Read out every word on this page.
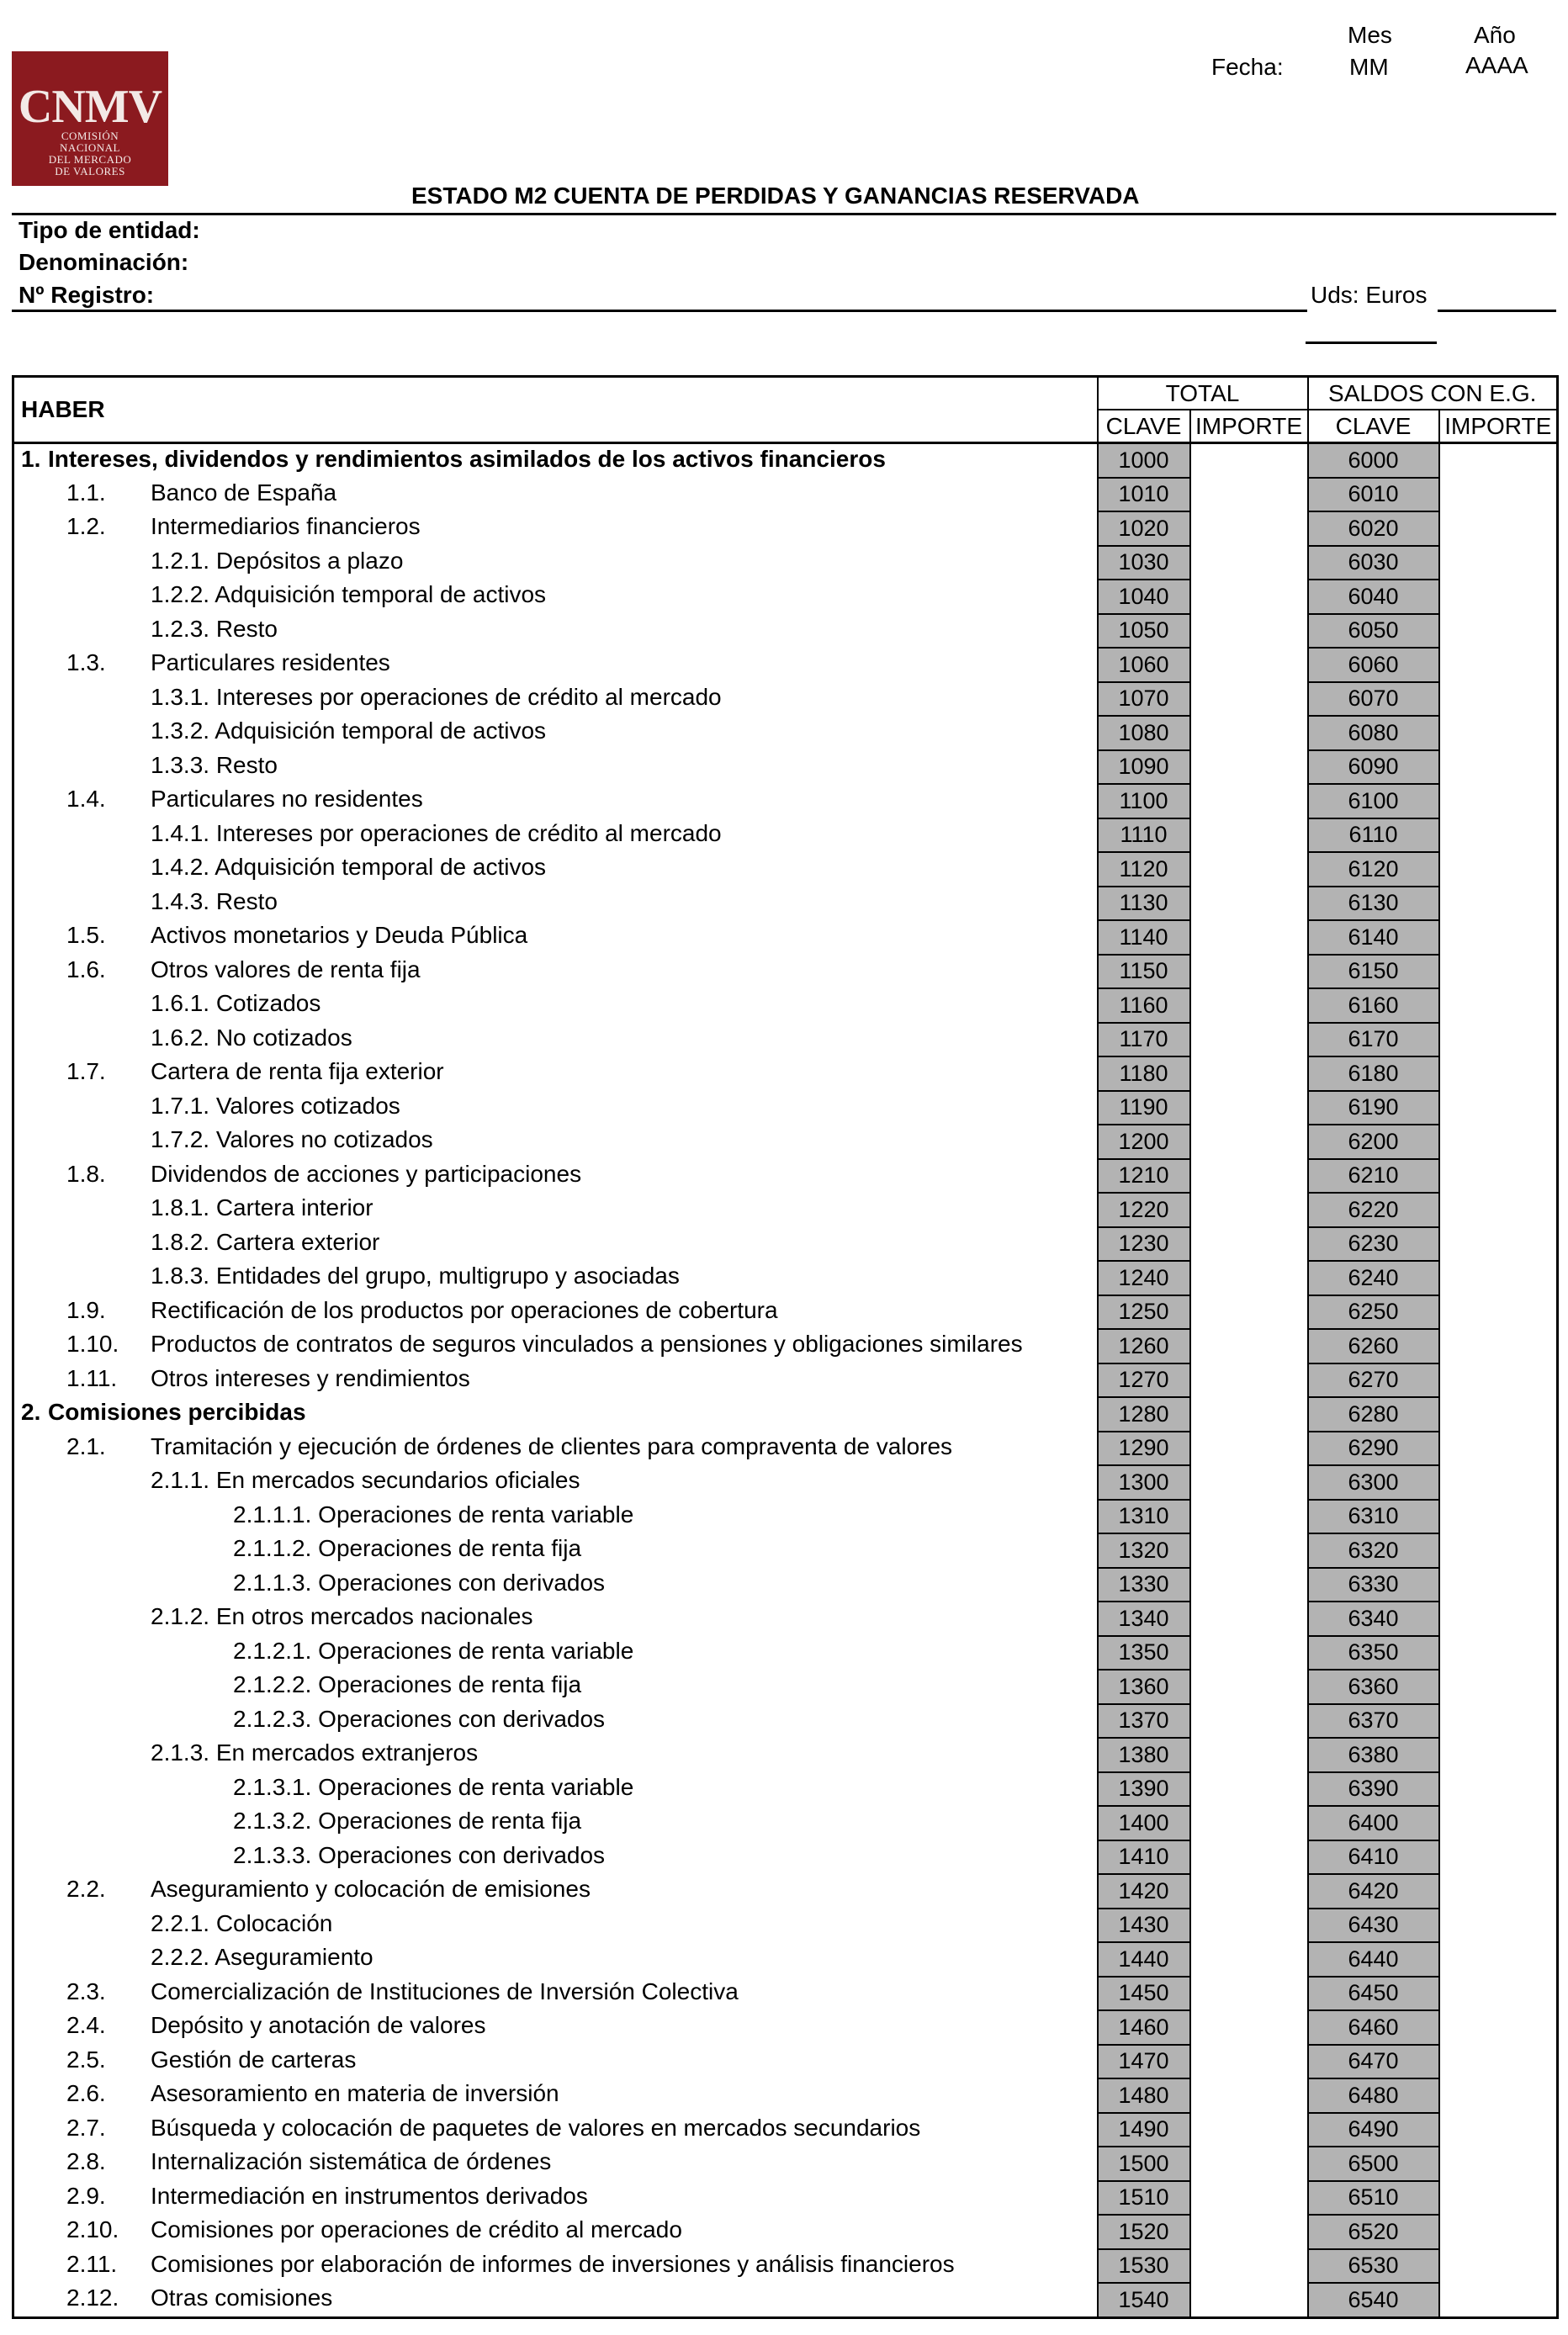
Mes	Año
Fecha:	MM	AAAA
CNMV
COMISIÓN
NACIONAL
DEL MERCADO
DE VALORES
ESTADO M2 CUENTA DE PERDIDAS Y GANANCIAS RESERVADA
Tipo de entidad:
Denominación:
Nº Registro:	Uds: Euros
HABER	TOTAL		SALDOS CON E.G.	
	CLAVE	IMPORTE	CLAVE	IMPORTE

1. Intereses, dividendos y rendimientos asimilados de los activos financieros	1000		6000	

1.1. Banco de España	1010		6010	

1.2. Intermediarios financieros	1020		6020	

1.2.1. Depósitos a plazo	1030		6030	

1.2.2. Adquisición temporal de activos	1040		6040	

1.2.3. Resto	1050		6050	

1.3. Particulares residentes	1060		6060	

1.3.1. Intereses por operaciones de crédito al mercado	1070		6070	

1.3.2. Adquisición temporal de activos	1080		6080	

1.3.3. Resto	1090		6090	

1.4. Particulares no residentes	1100		6100	

1.4.1. Intereses por operaciones de crédito al mercado	1110		6110	

1.4.2. Adquisición temporal de activos	1120		6120	

1.4.3. Resto	1130		6130	

1.5. Activos monetarios y Deuda Pública	1140		6140	

1.6. Otros valores de renta fija	1150		6150	

1.6.1. Cotizados	1160		6160	

1.6.2. No cotizados	1170		6170	

1.7. Cartera de renta fija exterior	1180		6180	

1.7.1. Valores cotizados	1190		6190	

1.7.2. Valores no cotizados	1200		6200	

1.8. Dividendos de acciones y participaciones	1210		6210	

1.8.1. Cartera interior	1220		6220	

1.8.2. Cartera exterior	1230		6230	

1.8.3. Entidades del grupo, multigrupo y asociadas	1240		6240	

1.9. Rectificación de los productos por operaciones de cobertura	1250		6250	

1.10. Productos de contratos de seguros vinculados a pensiones y obligaciones similares	1260		6260	

1.11. Otros intereses y rendimientos	1270		6270	

2. Comisiones percibidas	1280		6280	

2.1. Tramitación y ejecución de órdenes de clientes para compraventa de valores	1290		6290	

2.1.1. En mercados secundarios oficiales	1300		6300	

2.1.1.1. Operaciones de renta variable	1310		6310	

2.1.1.2. Operaciones de renta fija	1320		6320	

2.1.1.3. Operaciones con derivados	1330		6330	

2.1.2. En otros mercados nacionales	1340		6340	

2.1.2.1. Operaciones de renta variable	1350		6350	

2.1.2.2. Operaciones de renta fija	1360		6360	

2.1.2.3. Operaciones con derivados	1370		6370	

2.1.3. En mercados extranjeros	1380		6380	

2.1.3.1. Operaciones de renta variable	1390		6390	

2.1.3.2. Operaciones de renta fija	1400		6400	

2.1.3.3. Operaciones con derivados	1410		6410	

2.2. Aseguramiento y colocación de emisiones	1420		6420	

2.2.1. Colocación	1430		6430	

2.2.2. Aseguramiento	1440		6440	

2.3. Comercialización de Instituciones de Inversión Colectiva	1450		6450	

2.4. Depósito y anotación de valores	1460		6460	

2.5. Gestión de carteras	1470		6470	

2.6. Asesoramiento en materia de inversión	1480		6480	

2.7. Búsqueda y colocación de paquetes de valores en mercados secundarios	1490		6490	

2.8. Internalización sistemática de órdenes	1500		6500	

2.9. Intermediación en instrumentos derivados	1510		6510	

2.10. Comisiones por operaciones de crédito al mercado	1520		6520	

2.11. Comisiones por elaboración de informes de inversiones y análisis financieros	1530		6530	

2.12. Otras comisiones	1540		6540	
